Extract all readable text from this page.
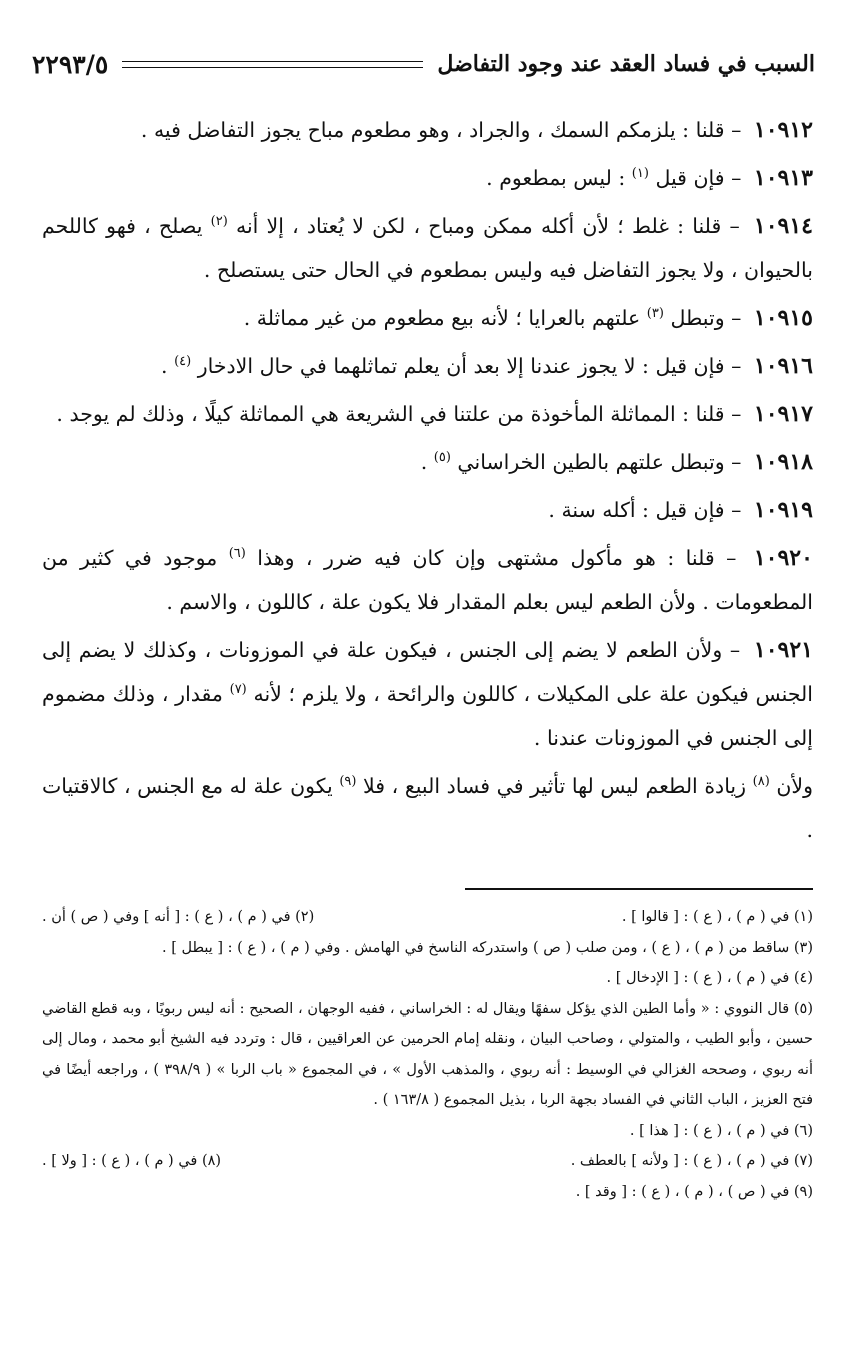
السبب في فساد العقد عند وجود التفاضل
٢٢٩٣/٥

١٠٩١٢ – قلنا : يلزمكم السمك ، والجراد ، وهو مطعوم مباح يجوز التفاضل فيه .

١٠٩١٣ – فإن قيل $^{(١)}$ : ليس بمطعوم .

١٠٩١٤ – قلنا : غلط ؛ لأن أكله ممكن ومباح ، لكن لا يُعتاد ، إلا أنه $^{(٢)}$ يصلح ، فهو كاللحم بالحيوان ، ولا يجوز التفاضل فيه وليس بمطعوم في الحال حتى يستصلح .

١٠٩١٥ – وتبطل $^{(٣)}$ علتهم بالعرايا ؛ لأنه بيع مطعوم من غير مماثلة .

١٠٩١٦ – فإن قيل : لا يجوز عندنا إلا بعد أن يعلم تماثلهما في حال الادخار $^{(٤)}$ .

١٠٩١٧ – قلنا : المماثلة المأخوذة من علتنا في الشريعة هي المماثلة كيلًا ، وذلك لم يوجد .

١٠٩١٨ – وتبطل علتهم بالطين الخراساني $^{(٥)}$ .

١٠٩١٩ – فإن قيل : أكله سنة .

١٠٩٢٠ – قلنا : هو مأكول مشتهى وإن كان فيه ضرر ، وهذا $^{(٦)}$ موجود في كثير من المطعومات . ولأن الطعم ليس بعلم المقدار فلا يكون علة ، كاللون ، والاسم .

١٠٩٢١ – ولأن الطعم لا يضم إلى الجنس ، فيكون علة في الموزونات ، وكذلك لا يضم إلى الجنس فيكون علة على المكيلات ، كاللون والرائحة ، ولا يلزم ؛ لأنه $^{(٧)}$ مقدار ، وذلك مضموم إلى الجنس في الموزونات عندنا .

ولأن $^{(٨)}$ زيادة الطعم ليس لها تأثير في فساد البيع ، فلا $^{(٩)}$ يكون علة له مع الجنس ، كالاقتيات .

(١) في ( م ) ، ( ع ) : [ قالوا ] .

(٢) في ( م ) ، ( ع ) : [ أنه ] وفي ( ص ) أن .

(٣) ساقط من ( م ) ، ( ع ) ، ومن صلب ( ص ) واستدركه الناسخ في الهامش . وفي ( م ) ، ( ع ) : [ يبطل ] .

(٤) في ( م ) ، ( ع ) : [ الإدخال ] .

(٥) قال النووي : « وأما الطين الذي يؤكل سفهًا ويقال له : الخراساني ، ففيه الوجهان ، الصحيح : أنه ليس ربويًا ، وبه قطع القاضي حسين ، وأبو الطيب ، والمتولي ، وصاحب البيان ، ونقله إمام الحرمين عن العراقيين ، قال : وتردد فيه الشيخ أبو محمد ، ومال إلى أنه ربوي ، وصححه الغزالي في الوسيط : أنه ربوي ، والمذهب الأول » ، في المجموع « باب الربا » ( ٣٩٨/٩ ) ، وراجعه أيضًا في فتح العزيز ، الباب الثاني في الفساد بجهة الربا ، بذيل المجموع ( ١٦٣/٨ ) .

(٦) في ( م ) ، ( ع ) : [ هذا ] .

(٧) في ( م ) ، ( ع ) : [ ولأنه ] بالعطف .

(٨) في ( م ) ، ( ع ) : [ ولا ] .

(٩) في ( ص ) ، ( م ) ، ( ع ) : [ وقد ] .
